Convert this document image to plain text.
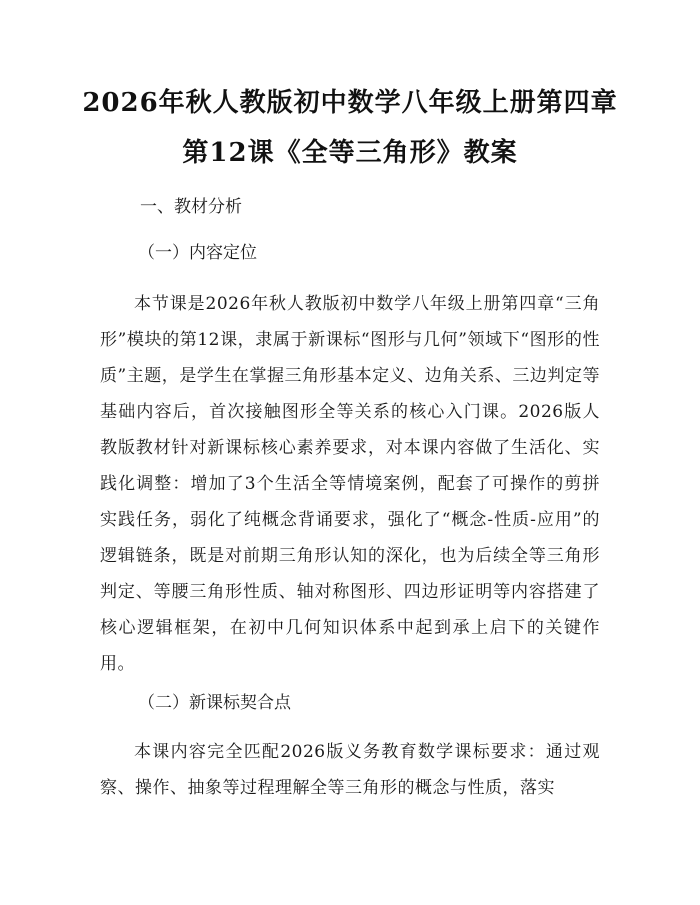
2026年秋人教版初中数学八年级上册第四章
第12课《全等三角形》教案
一、教材分析
（一）内容定位

本节课是2026年秋人教版初中数学八年级上册第四章“三角形”模块的第12课，隶属于新课标“图形与几何”领域下“图形的性质”主题，是学生在掌握三角形基本定义、边角关系、三边判定等基础内容后，首次接触图形全等关系的核心入门课。2026版人教版教材针对新课标核心素养要求，对本课内容做了生活化、实践化调整：增加了3个生活全等情境案例，配套了可操作的剪拼实践任务，弱化了纯概念背诵要求，强化了“概念-性质-应用”的逻辑链条，既是对前期三角形认知的深化，也为后续全等三角形判定、等腰三角形性质、轴对称图形、四边形证明等内容搭建了核心逻辑框架，在初中几何知识体系中起到承上启下的关键作用。

（二）新课标契合点

本课内容完全匹配2026版义务教育数学课标要求：通过观察、操作、抽象等过程理解全等三角形的概念与性质，落实
